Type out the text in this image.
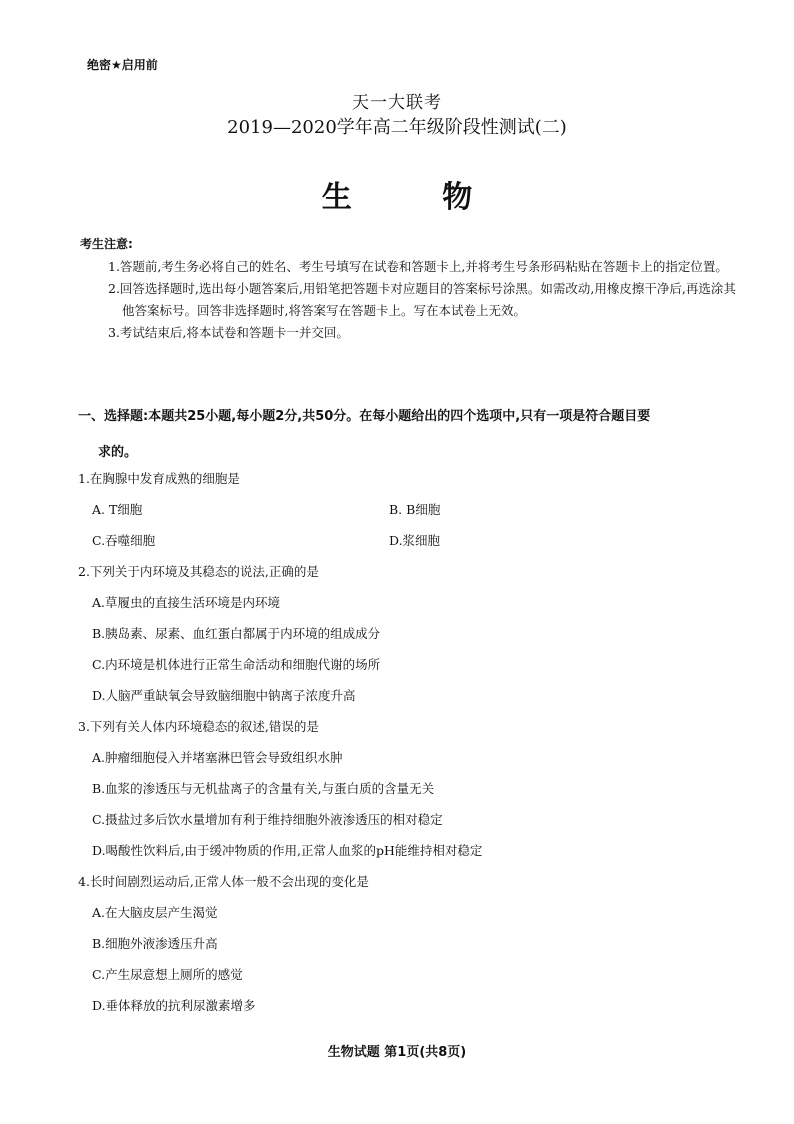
绝密★启用前
天一大联考
2019—2020学年高二年级阶段性测试(二)
生 物
考生注意:
1.答题前,考生务必将自己的姓名、考生号填写在试卷和答题卡上,并将考生号条形码粘贴在答题卡上的指定位置。
2.回答选择题时,选出每小题答案后,用铅笔把答题卡对应题目的答案标号涂黑。如需改动,用橡皮擦干净后,再选涂其他答案标号。回答非选择题时,将答案写在答题卡上。写在本试卷上无效。
3.考试结束后,将本试卷和答题卡一并交回。
一、选择题:本题共25小题,每小题2分,共50分。在每小题给出的四个选项中,只有一项是符合题目要
求的。
1.在胸腺中发育成熟的细胞是
A. T细胞	B. B细胞
C.吞噬细胞	D.浆细胞
2.下列关于内环境及其稳态的说法,正确的是
A.草履虫的直接生活环境是内环境
B.胰岛素、尿素、血红蛋白都属于内环境的组成成分
C.内环境是机体进行正常生命活动和细胞代谢的场所
D.人脑严重缺氧会导致脑细胞中钠离子浓度升高
3.下列有关人体内环境稳态的叙述,错误的是
A.肿瘤细胞侵入并堵塞淋巴管会导致组织水肿
B.血浆的渗透压与无机盐离子的含量有关,与蛋白质的含量无关
C.摄盐过多后饮水量增加有利于维持细胞外液渗透压的相对稳定
D.喝酸性饮料后,由于缓冲物质的作用,正常人血浆的pH能维持相对稳定
4.长时间剧烈运动后,正常人体一般不会出现的变化是
A.在大脑皮层产生渴觉
B.细胞外液渗透压升高
C.产生尿意想上厕所的感觉
D.垂体释放的抗利尿激素增多
生物试题 第1页(共8页)
